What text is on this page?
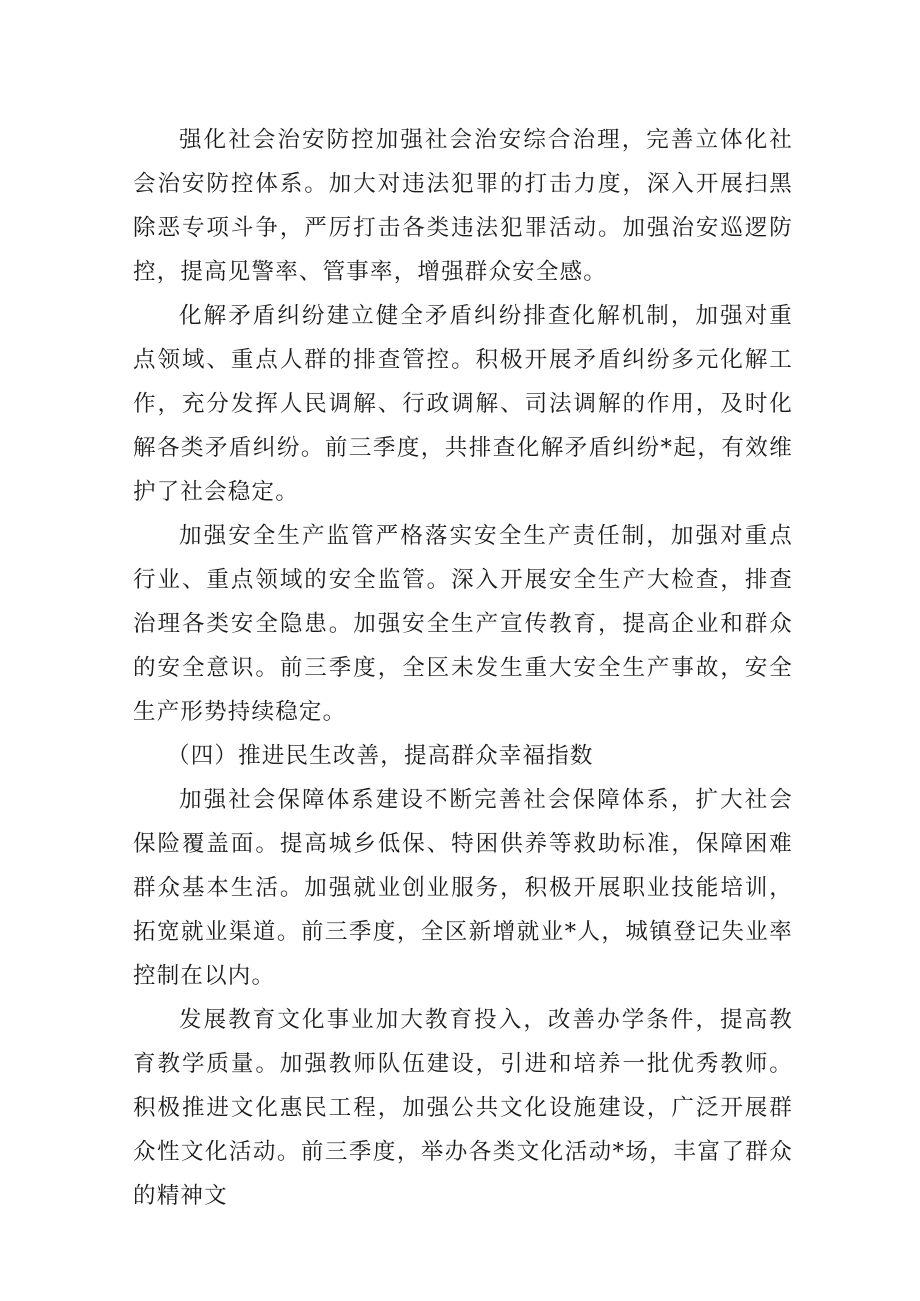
强化社会治安防控加强社会治安综合治理，完善立体化社会治安防控体系。加大对违法犯罪的打击力度，深入开展扫黑除恶专项斗争，严厉打击各类违法犯罪活动。加强治安巡逻防控，提高见警率、管事率，增强群众安全感。

化解矛盾纠纷建立健全矛盾纠纷排查化解机制，加强对重点领域、重点人群的排查管控。积极开展矛盾纠纷多元化解工作，充分发挥人民调解、行政调解、司法调解的作用，及时化解各类矛盾纠纷。前三季度，共排查化解矛盾纠纷*起，有效维护了社会稳定。

加强安全生产监管严格落实安全生产责任制，加强对重点行业、重点领域的安全监管。深入开展安全生产大检查，排查治理各类安全隐患。加强安全生产宣传教育，提高企业和群众的安全意识。前三季度，全区未发生重大安全生产事故，安全生产形势持续稳定。

（四）推进民生改善，提高群众幸福指数

加强社会保障体系建设不断完善社会保障体系，扩大社会保险覆盖面。提高城乡低保、特困供养等救助标准，保障困难群众基本生活。加强就业创业服务，积极开展职业技能培训，拓宽就业渠道。前三季度，全区新增就业*人，城镇登记失业率控制在以内。

发展教育文化事业加大教育投入，改善办学条件，提高教育教学质量。加强教师队伍建设，引进和培养一批优秀教师。积极推进文化惠民工程，加强公共文化设施建设，广泛开展群众性文化活动。前三季度，举办各类文化活动*场，丰富了群众的精神文
